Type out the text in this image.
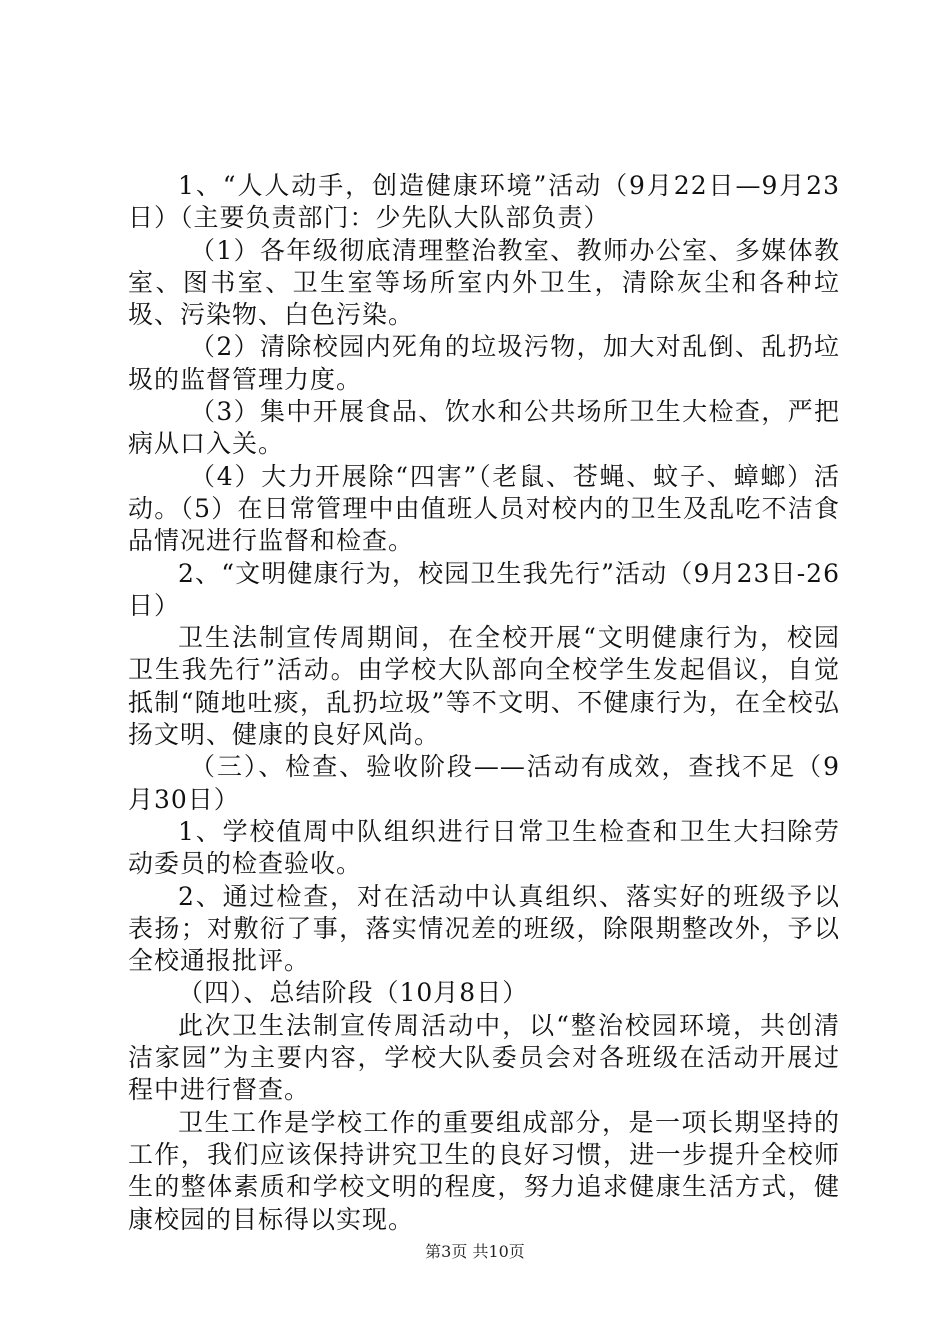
1、“人人动手，创造健康环境”活动（9月22日—9月23日）（主要负责部门：少先队大队部负责）

（1）各年级彻底清理整治教室、教师办公室、多媒体教室、图书室、卫生室等场所室内外卫生，清除灰尘和各种垃圾、污染物、白色污染。

（2）清除校园内死角的垃圾污物，加大对乱倒、乱扔垃圾的监督管理力度。

（3）集中开展食品、饮水和公共场所卫生大检查，严把病从口入关。

（4）大力开展除“四害”（老鼠、苍蝇、蚊子、蟑螂）活动。（5）在日常管理中由值班人员对校内的卫生及乱吃不洁食品情况进行监督和检查。

2、“文明健康行为，校园卫生我先行”活动（9月23日-26日）

卫生法制宣传周期间，在全校开展“文明健康行为，校园卫生我先行”活动。由学校大队部向全校学生发起倡议，自觉抵制“随地吐痰，乱扔垃圾”等不文明、不健康行为，在全校弘扬文明、健康的良好风尚。

（三）、检查、验收阶段——活动有成效，查找不足（9月30日）

1、学校值周中队组织进行日常卫生检查和卫生大扫除劳动委员的检查验收。

2、通过检查，对在活动中认真组织、落实好的班级予以表扬；对敷衍了事，落实情况差的班级，除限期整改外，予以全校通报批评。

（四）、总结阶段（10月8日）

此次卫生法制宣传周活动中，以“整治校园环境，共创清洁家园”为主要内容，学校大队委员会对各班级在活动开展过程中进行督查。

卫生工作是学校工作的重要组成部分，是一项长期坚持的工作，我们应该保持讲究卫生的良好习惯，进一步提升全校师生的整体素质和学校文明的程度，努力追求健康生活方式，健康校园的目标得以实现。

第3页 共10页
